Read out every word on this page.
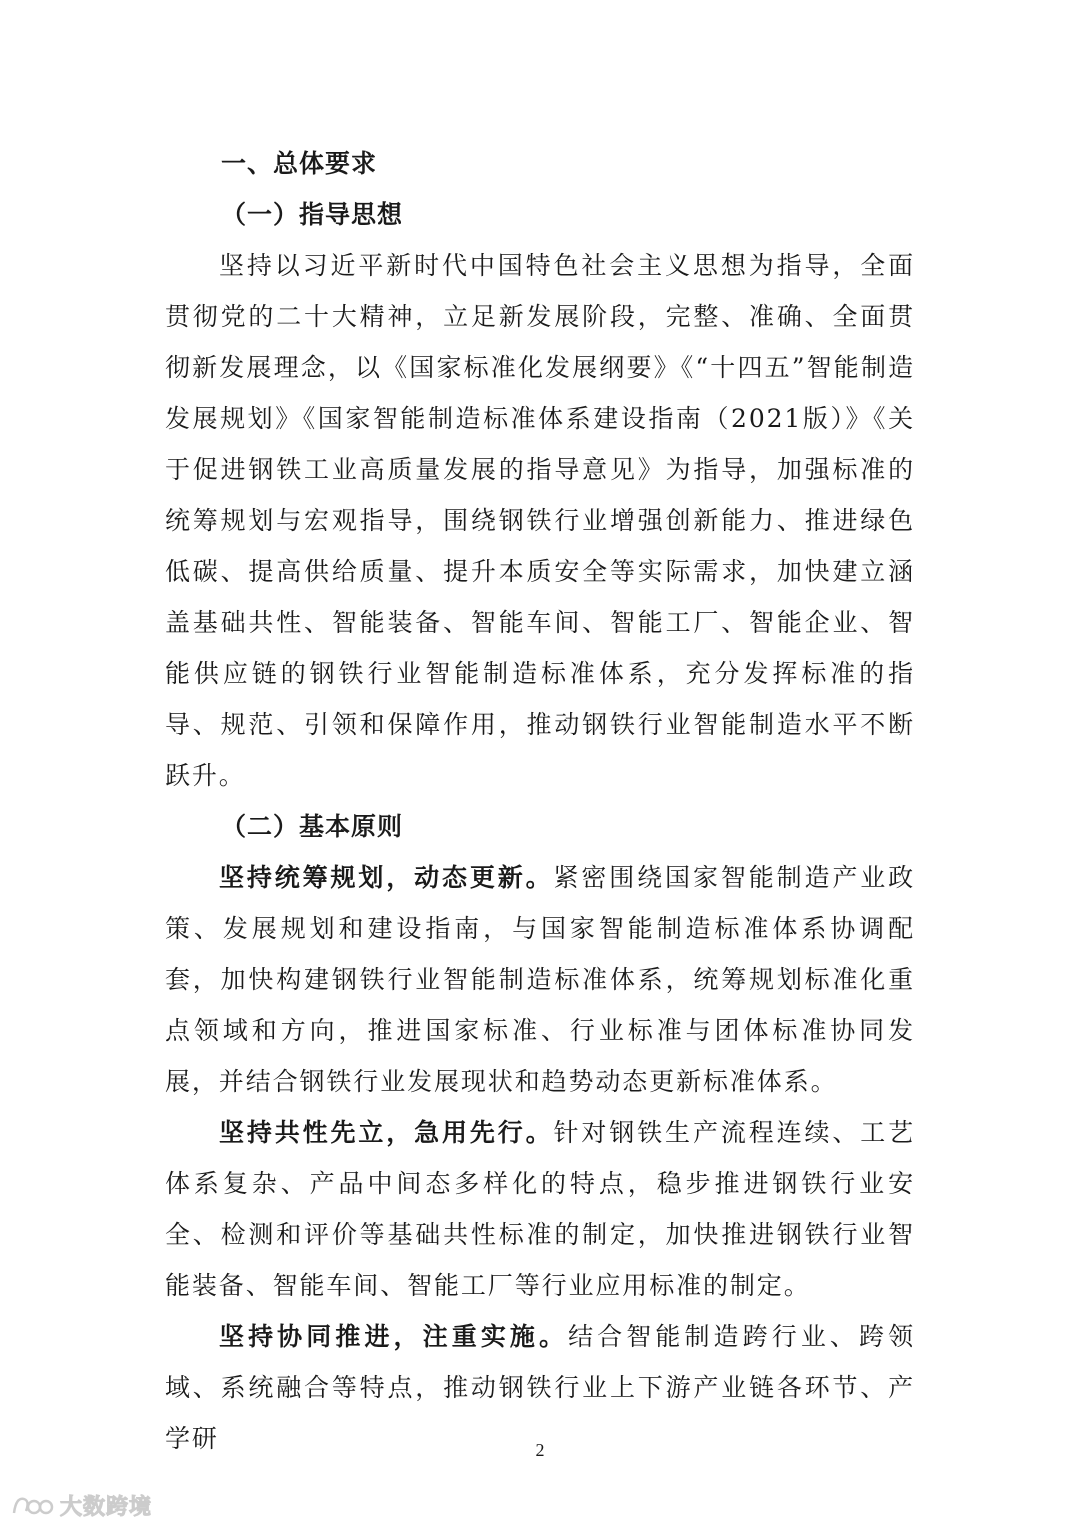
一、总体要求
（一）指导思想

坚持以习近平新时代中国特色社会主义思想为指导，全面贯彻党的二十大精神，立足新发展阶段，完整、准确、全面贯彻新发展理念，以《国家标准化发展纲要》《“十四五”智能制造发展规划》《国家智能制造标准体系建设指南（2021版）》《关于促进钢铁工业高质量发展的指导意见》为指导，加强标准的统筹规划与宏观指导，围绕钢铁行业增强创新能力、推进绿色低碳、提高供给质量、提升本质安全等实际需求，加快建立涵盖基础共性、智能装备、智能车间、智能工厂、智能企业、智能供应链的钢铁行业智能制造标准体系，充分发挥标准的指导、规范、引领和保障作用，推动钢铁行业智能制造水平不断跃升。

（二）基本原则

坚持统筹规划，动态更新。紧密围绕国家智能制造产业政策、发展规划和建设指南，与国家智能制造标准体系协调配套，加快构建钢铁行业智能制造标准体系，统筹规划标准化重点领域和方向，推进国家标准、行业标准与团体标准协同发展，并结合钢铁行业发展现状和趋势动态更新标准体系。

坚持共性先立，急用先行。针对钢铁生产流程连续、工艺体系复杂、产品中间态多样化的特点，稳步推进钢铁行业安全、检测和评价等基础共性标准的制定，加快推进钢铁行业智能装备、智能车间、智能工厂等行业应用标准的制定。

坚持协同推进，注重实施。结合智能制造跨行业、跨领域、系统融合等特点，推动钢铁行业上下游产业链各环节、产学研	2
大数跨境
